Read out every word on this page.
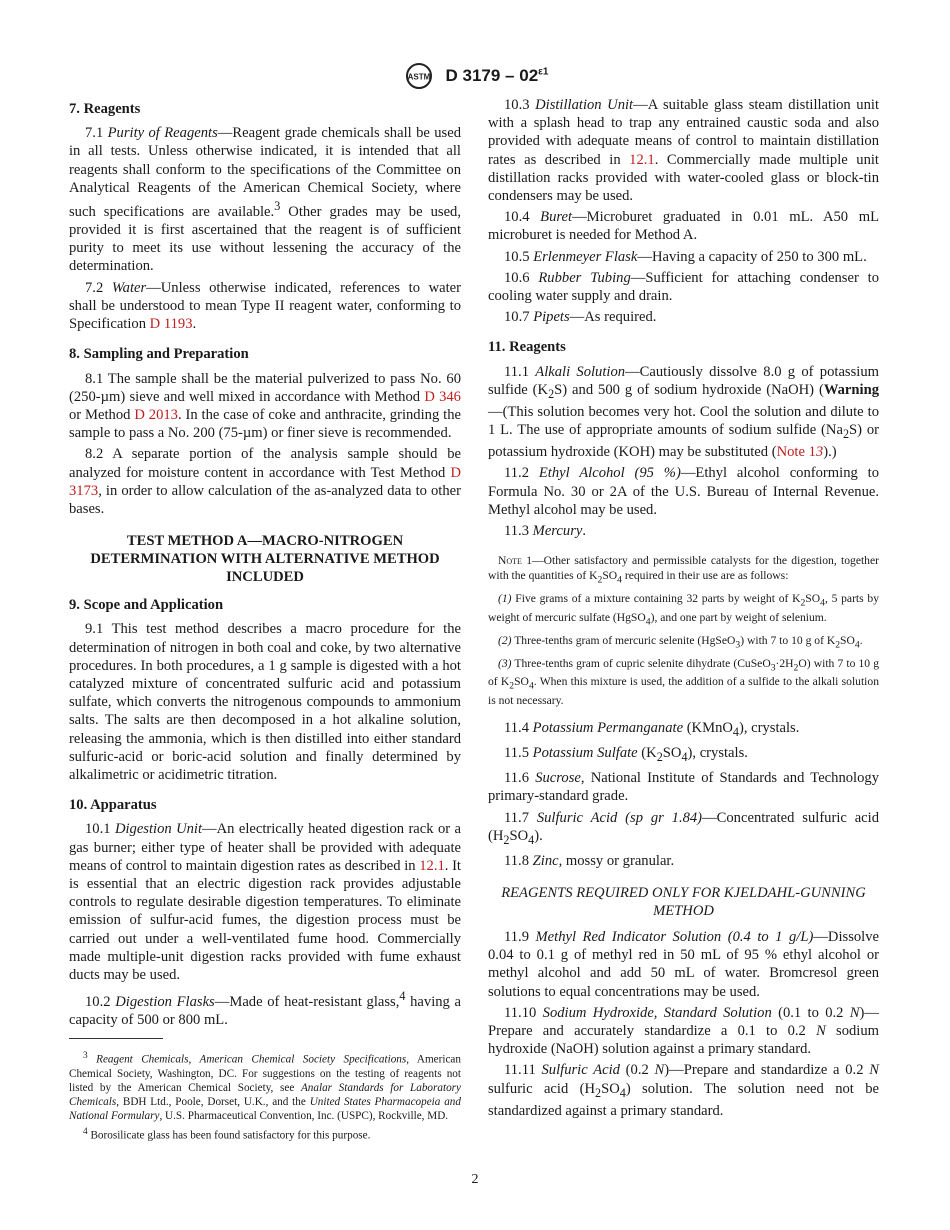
ASTM D $3179 - 02^{\varepsilon 1}$
7. Reagents

7.1 Purity of Reagents—Reagent grade chemicals shall be used in all tests. Unless otherwise indicated, it is intended that all reagents shall conform to the specifications of the Committee on Analytical Reagents of the American Chemical Society, where such specifications are available.$^3$ Other grades may be used, provided it is first ascertained that the reagent is of sufficient purity to meet its use without lessening the accuracy of the determination.

7.2 Water—Unless otherwise indicated, references to water shall be understood to mean Type II reagent water, conforming to Specification D 1193.

8. Sampling and Preparation

8.1 The sample shall be the material pulverized to pass No. 60 (250-µm) sieve and well mixed in accordance with Method D 346 or Method D 2013. In the case of coke and anthracite, grinding the sample to pass a No. 200 (75-µm) or finer sieve is recommended.

8.2 A separate portion of the analysis sample should be analyzed for moisture content in accordance with Test Method D 3173, in order to allow calculation of the as-analyzed data to other bases.

TEST METHOD A—MACRO-NITROGEN DETERMINATION WITH ALTERNATIVE METHOD INCLUDED
9. Scope and Application

9.1 This test method describes a macro procedure for the determination of nitrogen in both coal and coke, by two alternative procedures. In both procedures, a 1 g sample is digested with a hot catalyzed mixture of concentrated sulfuric acid and potassium sulfate, which converts the nitrogenous compounds to ammonium salts. The salts are then decomposed in a hot alkaline solution, releasing the ammonia, which is then distilled into either standard sulfuric-acid or boric-acid solution and finally determined by alkalimetric or acidimetric titration.

10. Apparatus

10.1 Digestion Unit—An electrically heated digestion rack or a gas burner; either type of heater shall be provided with adequate means of control to maintain digestion rates as described in 12.1. It is essential that an electric digestion rack provides adjustable controls to regulate desirable digestion temperatures. To eliminate emission of sulfur-acid fumes, the digestion process must be carried out under a well-ventilated fume hood. Commercially made multiple-unit digestion racks provided with fume exhaust ducts may be used.

10.2 Digestion Flasks—Made of heat-resistant glass,$^4$ having a capacity of 500 or 800 mL.

$^3$ Reagent Chemicals, American Chemical Society Specifications, American Chemical Society, Washington, DC. For suggestions on the testing of reagents not listed by the American Chemical Society, see Analar Standards for Laboratory Chemicals, BDH Ltd., Poole, Dorset, U.K., and the United States Pharmacopeia and National Formulary, U.S. Pharmaceutical Convention, Inc. (USPC), Rockville, MD.

$^4$ Borosilicate glass has been found satisfactory for this purpose.

10.3 Distillation Unit—A suitable glass steam distillation unit with a splash head to trap any entrained caustic soda and also provided with adequate means of control to maintain distillation rates as described in 12.1. Commercially made multiple unit distillation racks provided with water-cooled glass or block-tin condensers may be used.

10.4 Buret—Microburet graduated in 0.01 mL. A50 mL microburet is needed for Method A.

10.5 Erlenmeyer Flask—Having a capacity of 250 to 300 mL.

10.6 Rubber Tubing—Sufficient for attaching condenser to cooling water supply and drain.

10.7 Pipets—As required.

11. Reagents

11.1 Alkali Solution—Cautiously dissolve 8.0 g of potassium sulfide $(K_2S)$ and 500 g of sodium hydroxide (NaOH) (Warning—(This solution becomes very hot. Cool the solution and dilute to 1 L. The use of appropriate amounts of sodium sulfide $(Na_2S)$ or potassium hydroxide (KOH) may be substituted (Note 13).)

11.2 Ethyl Alcohol (95 %)—Ethyl alcohol conforming to Formula No. 30 or 2A of the U.S. Bureau of Internal Revenue. Methyl alcohol may be used.

11.3 Mercury.

Note 1—Other satisfactory and permissible catalysts for the digestion, together with the quantities of $K_2SO_4$ required in their use are as follows:

(1) Five grams of a mixture containing 32 parts by weight of $K_2SO_4$, 5 parts by weight of mercuric sulfate (HgSO$_4$), and one part by weight of selenium.

(2) Three-tenths gram of mercuric selenite (HgSeO$_3$) with 7 to 10 g of $K_2SO_4$.

(3) Three-tenths gram of cupric selenite dihydrate $(CuSeO_3\cdot 2H_2O)$ with 7 to 10 g of $K_2SO_4$. When this mixture is used, the addition of a sulfide to the alkali solution is not necessary.

11.4 Potassium Permanganate (KMnO$_4$), crystals.

11.5 Potassium Sulfate $(K_2SO_4)$, crystals.

11.6 Sucrose, National Institute of Standards and Technology primary-standard grade.

11.7 Sulfuric Acid (sp gr 1.84)—Concentrated sulfuric acid $(H_2SO_4)$.

11.8 Zinc, mossy or granular.

REAGENTS REQUIRED ONLY FOR KJELDAHL-GUNNING METHOD

11.9 Methyl Red Indicator Solution (0.4 to 1 g/L)—Dissolve 0.04 to 0.1 g of methyl red in 50 mL of 95 % ethyl alcohol or methyl alcohol and add 50 mL of water. Bromcresol green solutions to equal concentrations may be used.

11.10 Sodium Hydroxide, Standard Solution (0.1 to 0.2 N)—Prepare and accurately standardize a 0.1 to 0.2 N sodium hydroxide (NaOH) solution against a primary standard.

11.11 Sulfuric Acid (0.2 N)—Prepare and standardize a 0.2 N sulfuric acid $(H_2SO_4)$ solution. The solution need not be standardized against a primary standard.

2
